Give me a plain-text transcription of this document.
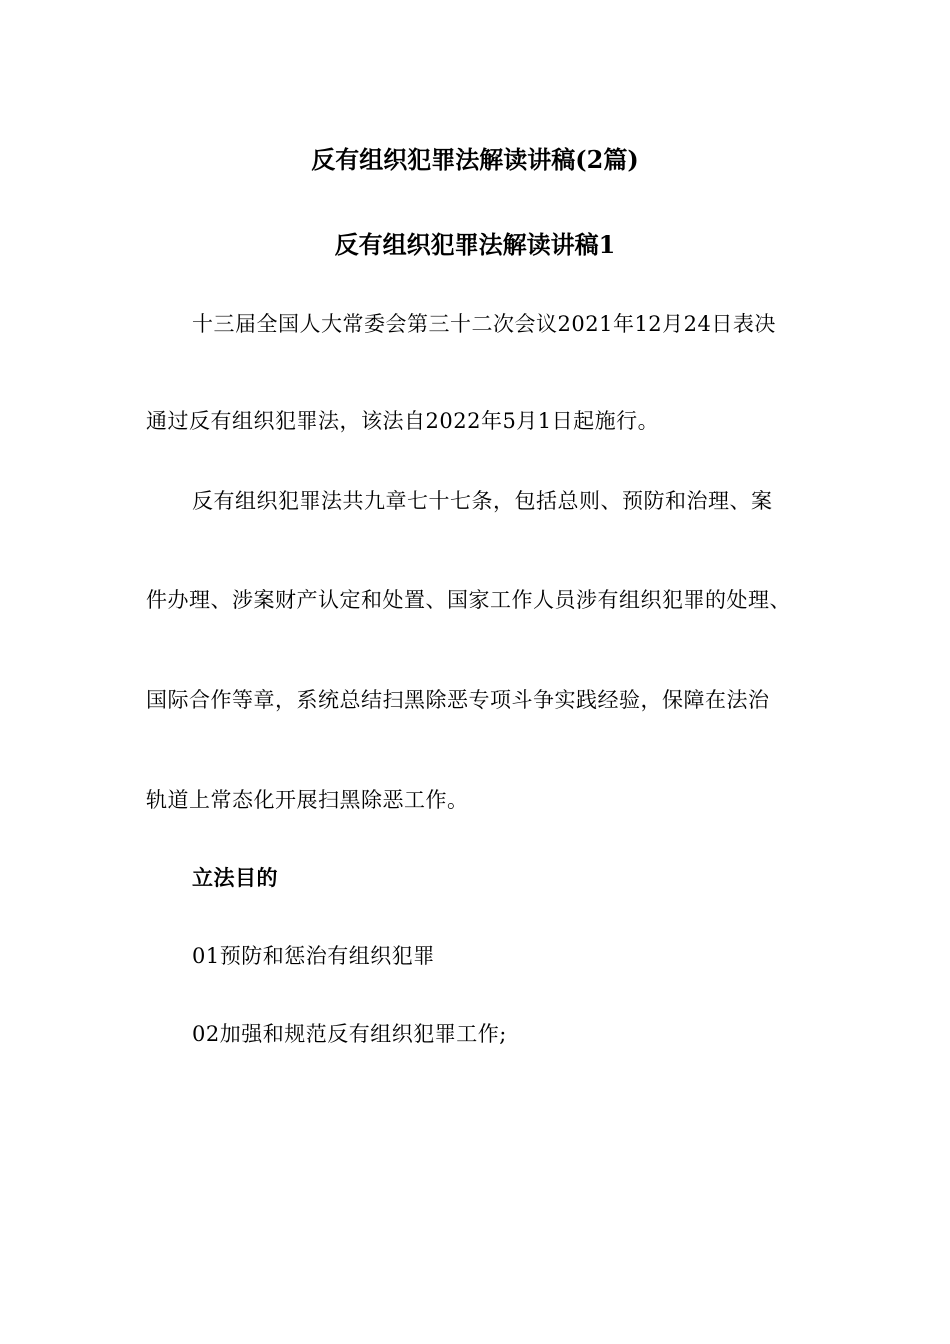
反有组织犯罪法解读讲稿(2篇)
反有组织犯罪法解读讲稿1
十三届全国人大常委会第三十二次会议2021年12月24日表决
通过反有组织犯罪法，该法自2022年5月1日起施行。
反有组织犯罪法共九章七十七条，包括总则、预防和治理、案
件办理、涉案财产认定和处置、国家工作人员涉有组织犯罪的处理、
国际合作等章，系统总结扫黑除恶专项斗争实践经验，保障在法治
轨道上常态化开展扫黑除恶工作。
立法目的
01预防和惩治有组织犯罪
02加强和规范反有组织犯罪工作;
